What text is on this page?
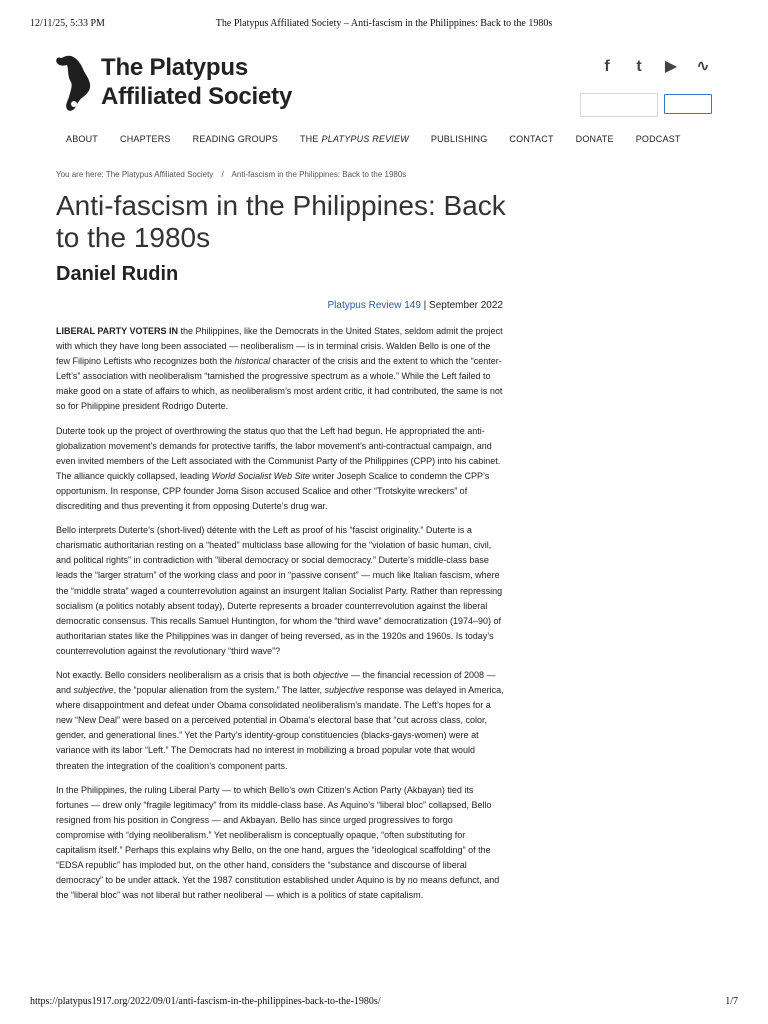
12/11/25, 5:33 PM	The Platypus Affiliated Society – Anti-fascism in the Philippines: Back to the 1980s
The Platypus
Affiliated Society
f	t	▶ ∿
ABOUT CHAPTERS READING GROUPS THE PLATYPUS REVIEW PUBLISHING CONTACT DONATE PODCAST
You are here: The Platypus Affiliated Society / Anti-fascism in the Philippines: Back to the 1980s
Anti-fascism in the Philippines: Back to the 1980s
Daniel Rudin
Platypus Review 149 | September 2022

LIBERAL PARTY VOTERS IN the Philippines, like the Democrats in the United States, seldom admit the project with which they have long been associated — neoliberalism — is in terminal crisis. Walden Bello is one of the few Filipino Leftists who recognizes both the historical character of the crisis and the extent to which the “center-Left’s” association with neoliberalism “tarnished the progressive spectrum as a whole.” While the Left failed to make good on a state of affairs to which, as neoliberalism’s most ardent critic, it had contributed, the same is not so for Philippine president Rodrigo Duterte.

Duterte took up the project of overthrowing the status quo that the Left had begun. He appropriated the anti-globalization movement’s demands for protective tariffs, the labor movement’s anti-contractual campaign, and even invited members of the Left associated with the Communist Party of the Philippines (CPP) into his cabinet. The alliance quickly collapsed, leading World Socialist Web Site writer Joseph Scalice to condemn the CPP’s opportunism. In response, CPP founder Joma Sison accused Scalice and other “Trotskyite wreckers” of discrediting and thus preventing it from opposing Duterte’s drug war.

Bello interprets Duterte’s (short-lived) détente with the Left as proof of his “fascist originality.” Duterte is a charismatic authoritarian resting on a “heated” multiclass base allowing for the “violation of basic human, civil, and political rights” in contradiction with “liberal democracy or social democracy.” Duterte’s middle-class base leads the “larger stratum” of the working class and poor in “passive consent” — much like Italian fascism, where the “middle strata” waged a counterrevolution against an insurgent Italian Socialist Party. Rather than repressing socialism (a politics notably absent today), Duterte represents a broader counterrevolution against the liberal democratic consensus. This recalls Samuel Huntington, for whom the “third wave” democratization (1974–90) of authoritarian states like the Philippines was in danger of being reversed, as in the 1920s and 1960s. Is today’s counterrevolution against the revolutionary “third wave”?

Not exactly. Bello considers neoliberalism as a crisis that is both objective — the financial recession of 2008 — and subjective, the “popular alienation from the system.” The latter, subjective response was delayed in America, where disappointment and defeat under Obama consolidated neoliberalism’s mandate. The Left’s hopes for a new “New Deal” were based on a perceived potential in Obama’s electoral base that “cut across class, color, gender, and generational lines.” Yet the Party’s identity-group constituencies (blacks-gays-women) were at variance with its labor “Left.” The Democrats had no interest in mobilizing a broad popular vote that would threaten the integration of the coalition’s component parts.

In the Philippines, the ruling Liberal Party — to which Bello’s own Citizen’s Action Party (Akbayan) tied its fortunes — drew only “fragile legitimacy” from its middle-class base. As Aquino’s “liberal bloc” collapsed, Bello resigned from his position in Congress — and Akbayan. Bello has since urged progressives to forgo compromise with “dying neoliberalism.” Yet neoliberalism is conceptually opaque, “often substituting for capitalism itself.” Perhaps this explains why Bello, on the one hand, argues the “ideological scaffolding” of the “EDSA republic” has imploded but, on the other hand, considers the “substance and discourse of liberal democracy” to be under attack. Yet the 1987 constitution established under Aquino is by no means defunct, and the “liberal bloc” was not liberal but rather neoliberal — which is a politics of state capitalism.

https://platypus1917.org/2022/09/01/anti-fascism-in-the-philippines-back-to-the-1980s/	1/7
